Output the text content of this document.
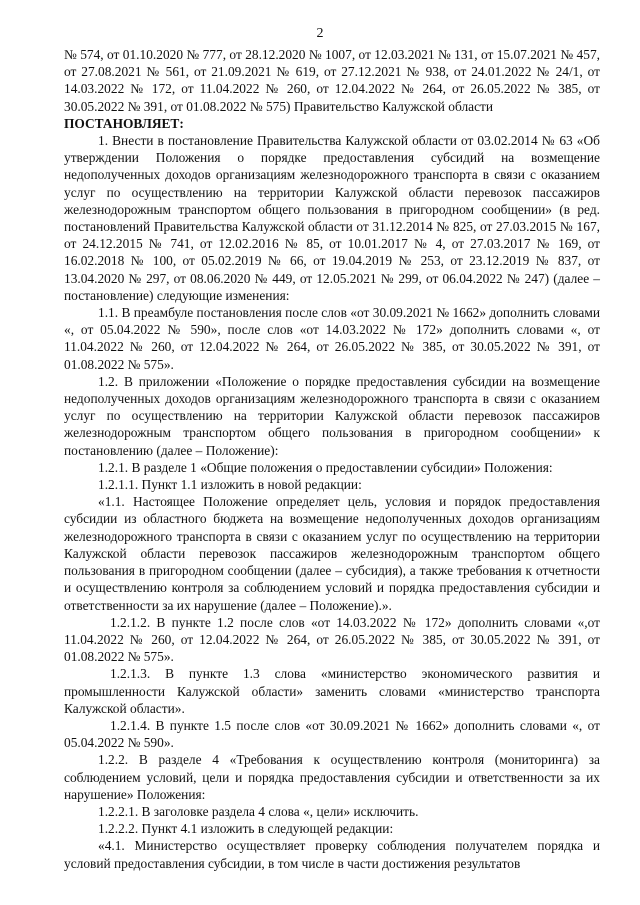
2

№ 574, от 01.10.2020 № 777, от 28.12.2020 № 1007, от 12.03.2021 № 131, от 15.07.2021 № 457, от 27.08.2021 № 561, от 21.09.2021 № 619, от 27.12.2021 № 938, от 24.01.2022 № 24/1, от 14.03.2022 № 172, от 11.04.2022 № 260, от 12.04.2022 № 264, от 26.05.2022 № 385, от 30.05.2022 № 391, от 01.08.2022 № 575) Правительство Калужской области

ПОСТАНОВЛЯЕТ:

1. Внести в постановление Правительства Калужской области от 03.02.2014 № 63 «Об утверждении Положения о порядке предоставления субсидий на возмещение недополученных доходов организациям железнодорожного транспорта в связи с оказанием услуг по осуществлению на территории Калужской области перевозок пассажиров железнодорожным транспортом общего пользования в пригородном сообщении» (в ред. постановлений Правительства Калужской области от 31.12.2014 № 825, от 27.03.2015 № 167, от 24.12.2015 № 741, от 12.02.2016 № 85, от 10.01.2017 № 4, от 27.03.2017 № 169, от 16.02.2018 № 100, от 05.02.2019 № 66, от 19.04.2019 № 253, от 23.12.2019 № 837, от 13.04.2020 № 297, от 08.06.2020 № 449, от 12.05.2021 № 299, от 06.04.2022 № 247) (далее – постановление) следующие изменения:

1.1. В преамбуле постановления после слов «от 30.09.2021 № 1662» дополнить словами «, от 05.04.2022 № 590», после слов «от 14.03.2022 № 172» дополнить словами «, от 11.04.2022 № 260, от 12.04.2022 № 264, от 26.05.2022 № 385, от 30.05.2022 № 391, от 01.08.2022 № 575».

1.2. В приложении «Положение о порядке предоставления субсидии на возмещение недополученных доходов организациям железнодорожного транспорта в связи с оказанием услуг по осуществлению на территории Калужской области перевозок пассажиров железнодорожным транспортом общего пользования в пригородном сообщении» к постановлению (далее – Положение):

1.2.1. В разделе 1 «Общие положения о предоставлении субсидии» Положения:

1.2.1.1. Пункт 1.1 изложить в новой редакции:

«1.1. Настоящее Положение определяет цель, условия и порядок предоставления субсидии из областного бюджета на возмещение недополученных доходов организациям железнодорожного транспорта в связи с оказанием услуг по осуществлению на территории Калужской области перевозок пассажиров железнодорожным транспортом общего пользования в пригородном сообщении (далее – субсидия), а также требования к отчетности и осуществлению контроля за соблюдением условий и порядка предоставления субсидии и ответственности за их нарушение (далее – Положение).».

1.2.1.2. В пункте 1.2 после слов «от 14.03.2022 № 172» дополнить словами «,от 11.04.2022 № 260, от 12.04.2022 № 264, от 26.05.2022 № 385, от 30.05.2022 № 391, от 01.08.2022 № 575».

1.2.1.3. В пункте 1.3 слова «министерство экономического развития и промышленности Калужской области» заменить словами «министерство транспорта Калужской области».

1.2.1.4. В пункте 1.5 после слов «от 30.09.2021 № 1662» дополнить словами «, от 05.04.2022 № 590».

1.2.2. В разделе 4 «Требования к осуществлению контроля (мониторинга) за соблюдением условий, цели и порядка предоставления субсидии и ответственности за их нарушение» Положения:

1.2.2.1. В заголовке раздела 4 слова «, цели» исключить.

1.2.2.2. Пункт 4.1 изложить в следующей редакции:

«4.1. Министерство осуществляет проверку соблюдения получателем порядка и условий предоставления субсидии, в том числе в части достижения результатов
